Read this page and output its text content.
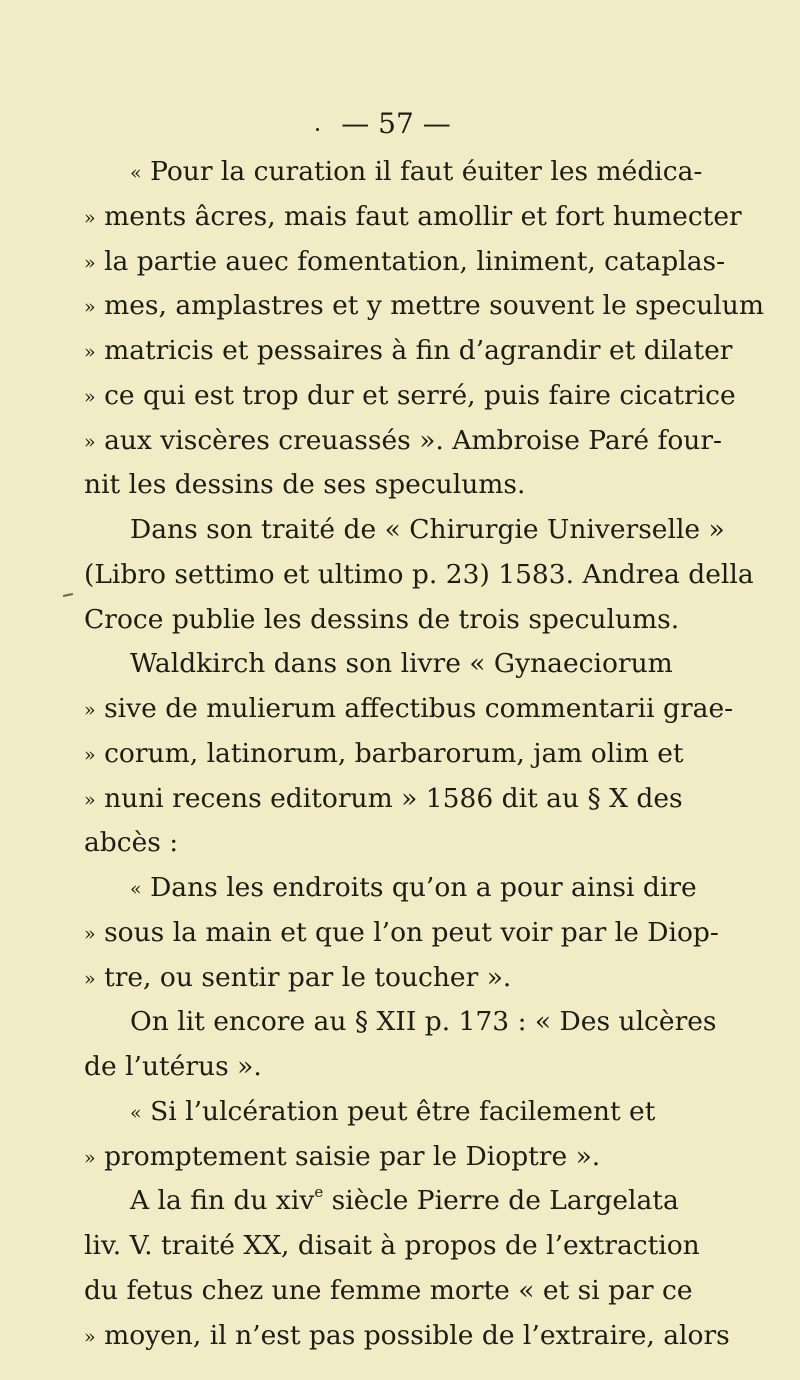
— 57 —
« Pour la curation il faut éuiter les médica-
» ments âcres, mais faut amollir et fort humecter
» la partie auec fomentation, liniment, cataplas-
» mes, amplastres et y mettre souvent le speculum
» matricis et pessaires à fin d’agrandir et dilater
» ce qui est trop dur et serré, puis faire cicatrice
» aux viscères creuassés ». Ambroise Paré four-
nit les dessins de ses speculums.
Dans son traité de « Chirurgie Universelle »
(Libro settimo et ultimo p. 23) 1583. Andrea della
Croce publie les dessins de trois speculums.
Waldkirch dans son livre « Gynaeciorum
» sive de mulierum affectibus commentarii grae-
» corum, latinorum, barbarorum, jam olim et
» nuni recens editorum » 1586 dit au § X des
abcès :
« Dans les endroits qu’on a pour ainsi dire
» sous la main et que l’on peut voir par le Diop-
» tre, ou sentir par le toucher ».
On lit encore au § XII p. 173 : « Des ulcères
de l’utérus ».
« Si l’ulcération peut être facilement et
» promptement saisie par le Dioptre ».
A la fin du xiv$^e$ siècle Pierre de Largelata
liv. V. traité XX, disait à propos de l’extraction
du fetus chez une femme morte « et si par ce
» moyen, il n’est pas possible de l’extraire, alors
